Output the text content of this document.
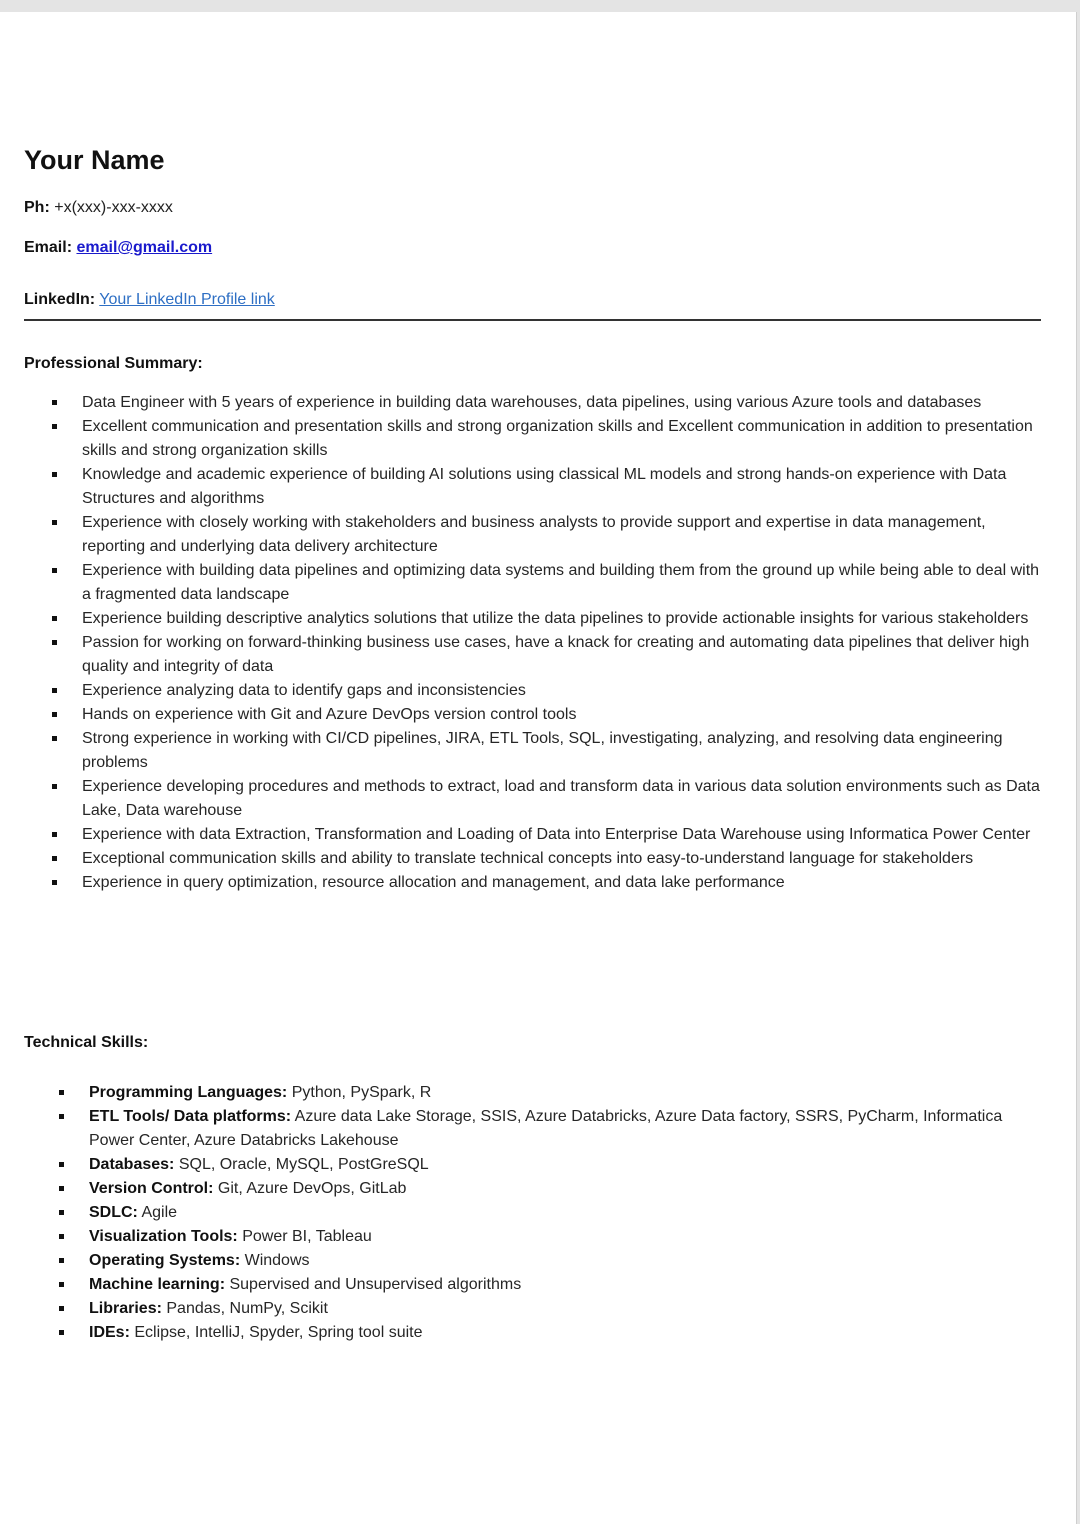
Your Name
Ph: +x(xxx)-xxx-xxxx
Email: email@gmail.com
LinkedIn: Your LinkedIn Profile link
Professional Summary:
Data Engineer with 5 years of experience in building data warehouses, data pipelines, using various Azure tools and databases
Excellent communication and presentation skills and strong organization skills and Excellent communication in addition to presentation skills and strong organization skills
Knowledge and academic experience of building AI solutions using classical ML models and strong hands-on experience with Data Structures and algorithms
Experience with closely working with stakeholders and business analysts to provide support and expertise in data management, reporting and underlying data delivery architecture
Experience with building data pipelines and optimizing data systems and building them from the ground up while being able to deal with a fragmented data landscape
Experience building descriptive analytics solutions that utilize the data pipelines to provide actionable insights for various stakeholders
Passion for working on forward-thinking business use cases, have a knack for creating and automating data pipelines that deliver high quality and integrity of data
Experience analyzing data to identify gaps and inconsistencies
Hands on experience with Git and Azure DevOps version control tools
Strong experience in working with CI/CD pipelines, JIRA, ETL Tools, SQL, investigating, analyzing, and resolving data engineering problems
Experience developing procedures and methods to extract, load and transform data in various data solution environments such as Data Lake, Data warehouse
Experience with data Extraction, Transformation and Loading of Data into Enterprise Data Warehouse using Informatica Power Center
Exceptional communication skills and ability to translate technical concepts into easy-to-understand language for stakeholders
Experience in query optimization, resource allocation and management, and data lake performance
Technical Skills:
Programming Languages: Python, PySpark, R
ETL Tools/ Data platforms: Azure data Lake Storage, SSIS, Azure Databricks, Azure Data factory, SSRS, PyCharm, Informatica Power Center, Azure Databricks Lakehouse
Databases: SQL, Oracle, MySQL, PostGreSQL
Version Control: Git, Azure DevOps, GitLab
SDLC: Agile
Visualization Tools: Power BI, Tableau
Operating Systems: Windows
Machine learning: Supervised and Unsupervised algorithms
Libraries: Pandas, NumPy, Scikit
IDEs: Eclipse, IntelliJ, Spyder, Spring tool suite
